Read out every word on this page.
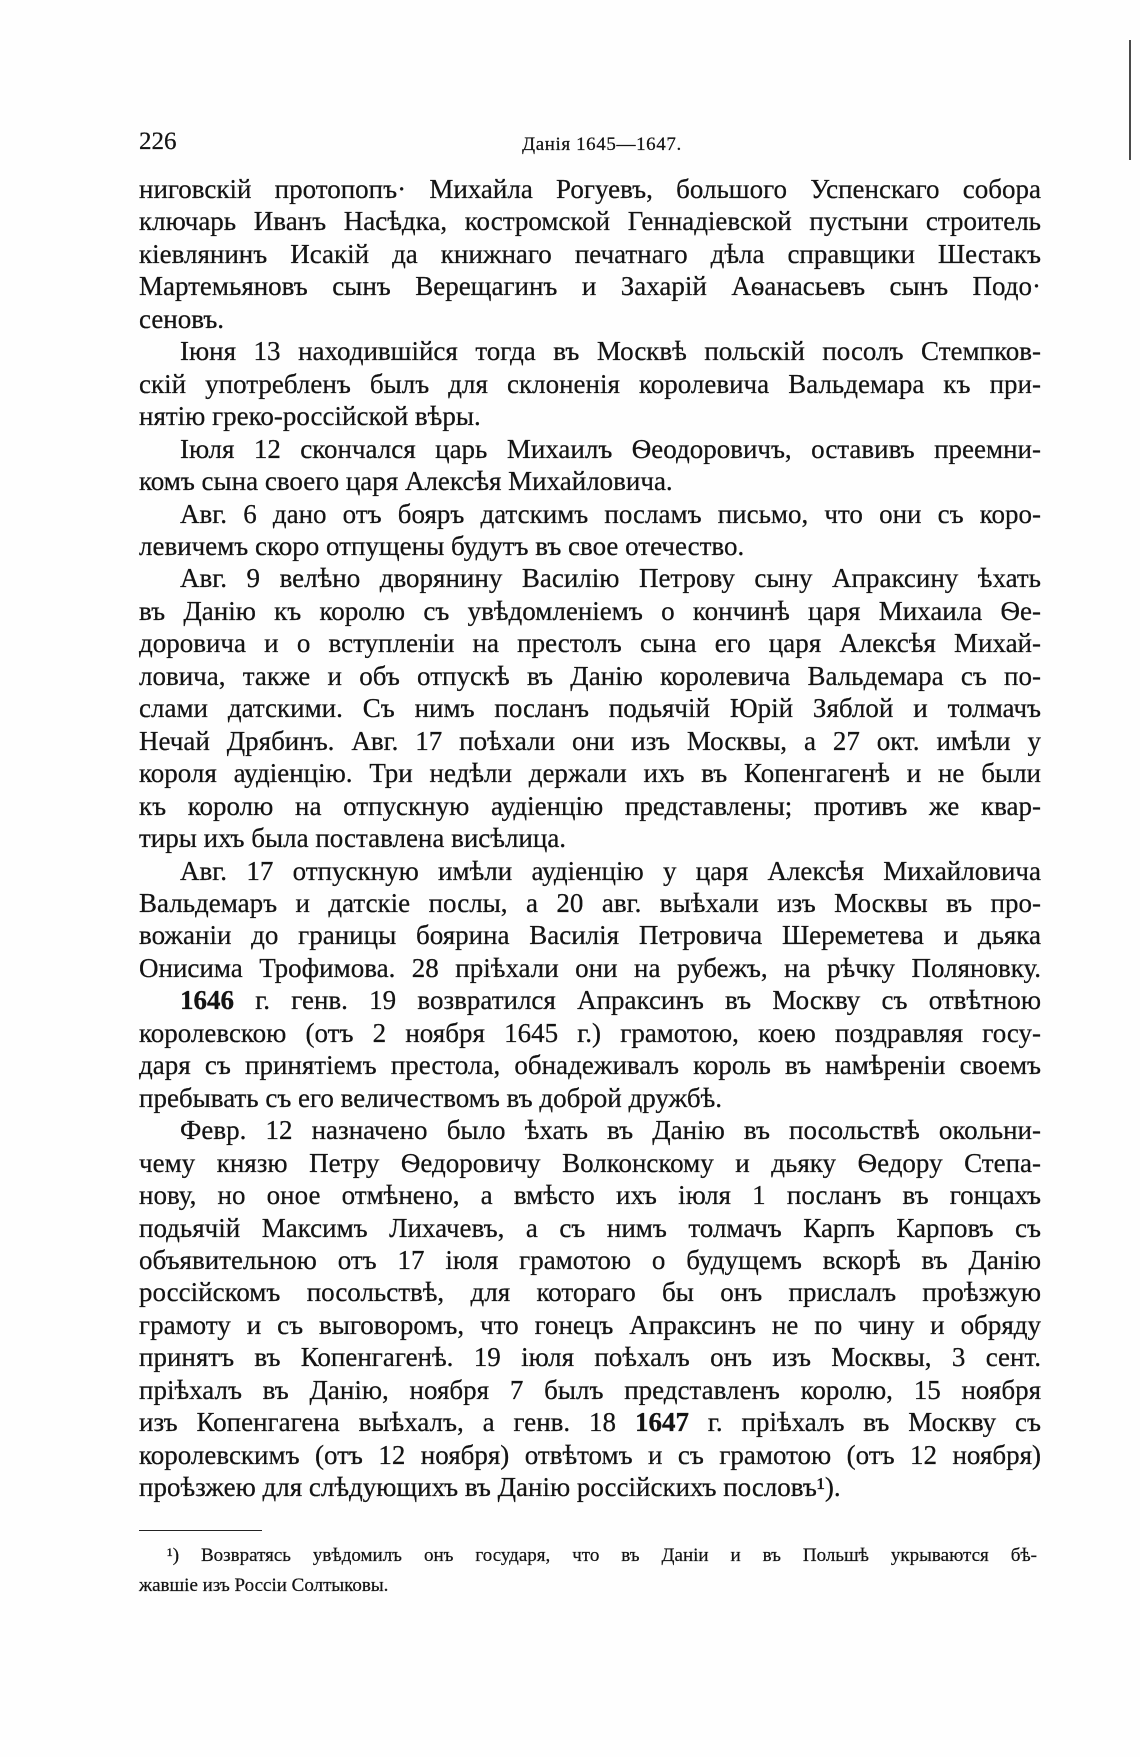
226	Данія 1645—1647.
ниговскій протопопъ· Михайла Рогуевъ, большого Успенскаго собора
ключарь Иванъ Насѣдка, костромской Геннадіевской пустыни строитель
кіевлянинъ Исакій да книжнаго печатнаго дѣла справщики Шестакъ
Мартемьяновъ сынъ Верещагинъ и Захарій Аѳанасьевъ сынъ Подо·
сеновъ.
Іюня 13 находившійся тогда въ Москвѣ польскій посолъ Стемпков-
скій употребленъ былъ для склоненія королевича Вальдемара къ при-
нятію греко-россійской вѣры.
Іюля 12 скончался царь Михаилъ Ѳеодоровичъ, оставивъ преемни-
комъ сына своего царя Алексѣя Михайловича.
Авг. 6 дано отъ бояръ датскимъ посламъ письмо, что они съ коро-
левичемъ скоро отпущены будутъ въ свое отечество.
Авг. 9 велѣно дворянину Василію Петрову сыну Апраксину ѣхать
въ Данію къ королю съ увѣдомленіемъ о кончинѣ царя Михаила Ѳе-
доровича и о вступленіи на престолъ сына его царя Алексѣя Михай-
ловича, также и объ отпускѣ въ Данію королевича Вальдемара съ по-
слами датскими. Съ нимъ посланъ подьячій Юрій Зяблой и толмачъ
Нечай Дрябинъ. Авг. 17 поѣхали они изъ Москвы, а 27 окт. имѣли у
короля аудіенцію. Три недѣли держали ихъ въ Копенгагенѣ и не были
къ королю на отпускную аудіенцію представлены; противъ же квар-
тиры ихъ была поставлена висѣлица.
Авг. 17 отпускную имѣли аудіенцію у царя Алексѣя Михайловича
Вальдемаръ и датскіе послы, а 20 авг. выѣхали изъ Москвы въ про-
вожаніи до границы боярина Василія Петровича Шереметева и дьяка
Онисима Трофимова. 28 пріѣхали они на рубежъ, на рѣчку Поляновку.
1646 г. генв. 19 возвратился Апраксинъ въ Москву съ отвѣтною
королевскою (отъ 2 ноября 1645 г.) грамотою, коею поздравляя госу-
даря съ принятіемъ престола, обнадеживалъ король въ намѣреніи своемъ
пребывать съ его величествомъ въ доброй дружбѣ.
Февр. 12 назначено было ѣхать въ Данію въ посольствѣ окольни-
чему князю Петру Ѳедоровичу Волконскому и дьяку Ѳедору Степа-
нову, но оное отмѣнено, а вмѣсто ихъ іюля 1 посланъ въ гонцахъ
подьячій Максимъ Лихачевъ, а съ нимъ толмачъ Карпъ Карповъ съ
объявительною отъ 17 іюля грамотою о будущемъ вскорѣ въ Данію
россійскомъ посольствѣ, для котораго бы онъ прислалъ проѣзжую
грамоту и съ выговоромъ, что гонецъ Апраксинъ не по чину и обряду
принятъ въ Копенгагенѣ. 19 іюля поѣхалъ онъ изъ Москвы, 3 сент.
пріѣхалъ въ Данію, ноября 7 былъ представленъ королю, 15 ноября
изъ Копенгагена выѣхалъ, а генв. 18 1647 г. пріѣхалъ въ Москву съ
королевскимъ (отъ 12 ноября) отвѣтомъ и съ грамотою (отъ 12 ноября)
проѣзжею для слѣдующихъ въ Данію россійскихъ пословъ¹).
¹) Возвратясь увѣдомилъ онъ государя, что въ Даніи и въ Польшѣ укрываются бѣ-
жавшіе изъ Россіи Солтыковы.
